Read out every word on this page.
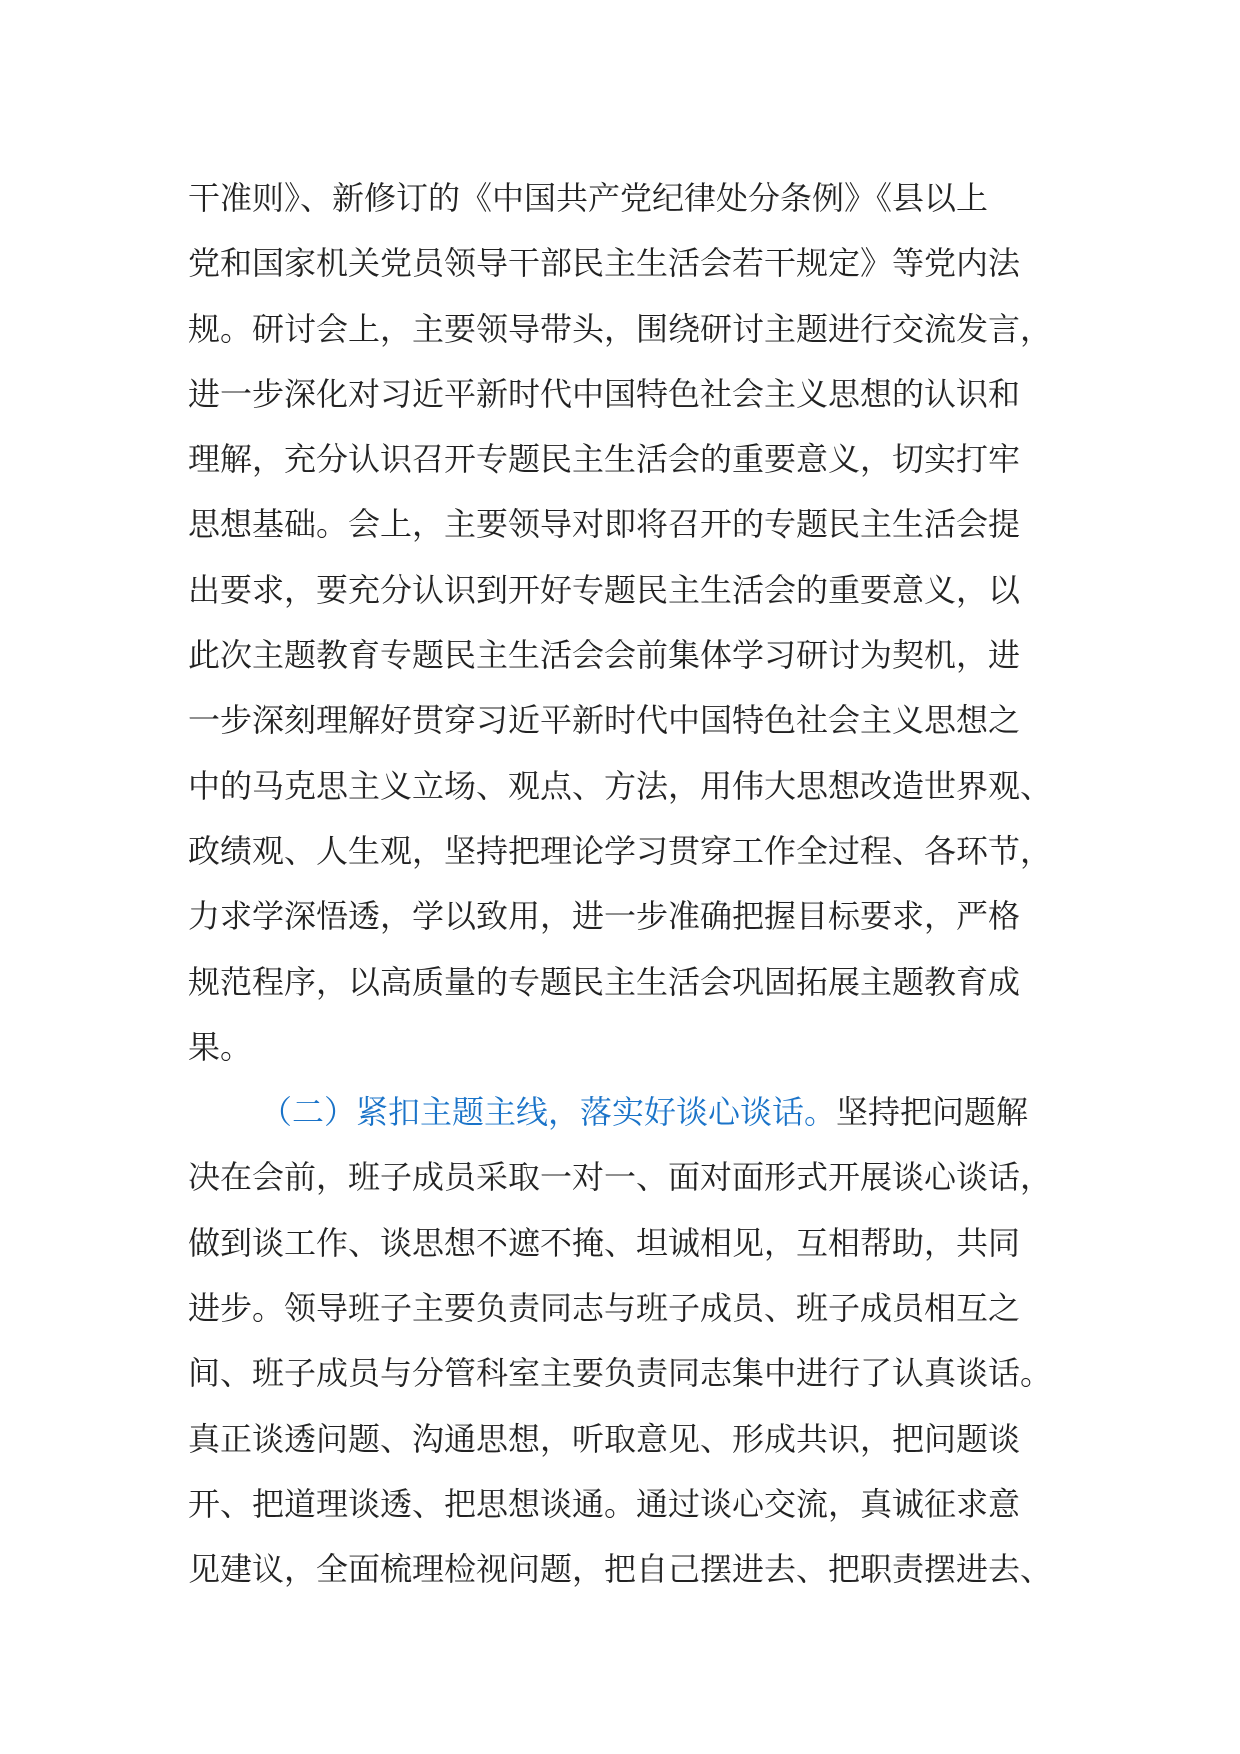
干准则》、新修订的《中国共产党纪律处分条例》《县以上
党和国家机关党员领导干部民主生活会若干规定》等党内法
规。研讨会上，主要领导带头，围绕研讨主题进行交流发言，
进一步深化对习近平新时代中国特色社会主义思想的认识和
理解，充分认识召开专题民主生活会的重要意义，切实打牢
思想基础。会上，主要领导对即将召开的专题民主生活会提
出要求，要充分认识到开好专题民主生活会的重要意义，以
此次主题教育专题民主生活会会前集体学习研讨为契机，进
一步深刻理解好贯穿习近平新时代中国特色社会主义思想之
中的马克思主义立场、观点、方法，用伟大思想改造世界观、
政绩观、人生观，坚持把理论学习贯穿工作全过程、各环节，
力求学深悟透，学以致用，进一步准确把握目标要求，严格
规范程序，以高质量的专题民主生活会巩固拓展主题教育成
果。
（二）紧扣主题主线，落实好谈心谈话。坚持把问题解
决在会前，班子成员采取一对一、面对面形式开展谈心谈话，
做到谈工作、谈思想不遮不掩、坦诚相见，互相帮助，共同
进步。领导班子主要负责同志与班子成员、班子成员相互之
间、班子成员与分管科室主要负责同志集中进行了认真谈话。
真正谈透问题、沟通思想，听取意见、形成共识，把问题谈
开、把道理谈透、把思想谈通。通过谈心交流，真诚征求意
见建议，全面梳理检视问题，把自己摆进去、把职责摆进去、
